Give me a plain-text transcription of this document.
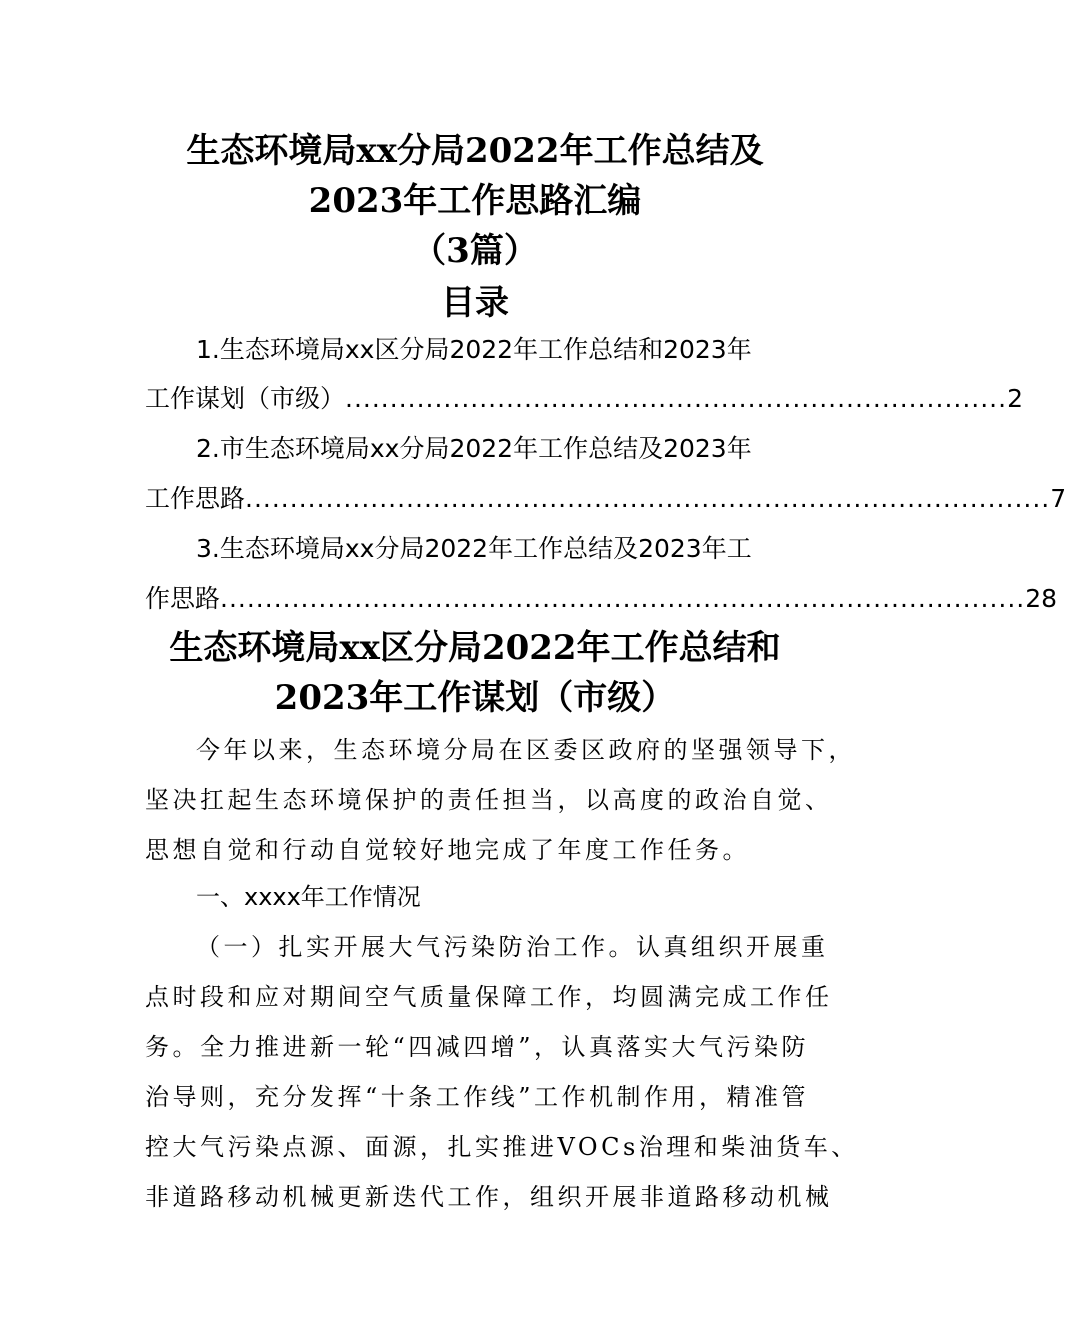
生态环境局xx分局2022年工作总结及
2023年工作思路汇编
（3篇）
目录
1.生态环境局xx区分局2022年工作总结和2023年
工作谋划（市级） .......................................................................... 2
2.市生态环境局xx分局2022年工作总结及2023年
工作思路 .......................................................................................... 7
3.生态环境局xx分局2022年工作总结及2023年工
作思路 .......................................................................................... 28
生态环境局xx区分局2022年工作总结和
2023年工作谋划（市级）
今年以来，生态环境分局在区委区政府的坚强领导下，
坚决扛起生态环境保护的责任担当，以高度的政治自觉、
思想自觉和行动自觉较好地完成了年度工作任务。
一、xxxx年工作情况
（一）扎实开展大气污染防治工作。认真组织开展重
点时段和应对期间空气质量保障工作，均圆满完成工作任
务。全力推进新一轮“四减四增”，认真落实大气污染防
治导则，充分发挥“十条工作线”工作机制作用，精准管
控大气污染点源、面源，扎实推进VOCs治理和柴油货车、
非道路移动机械更新迭代工作，组织开展非道路移动机械
